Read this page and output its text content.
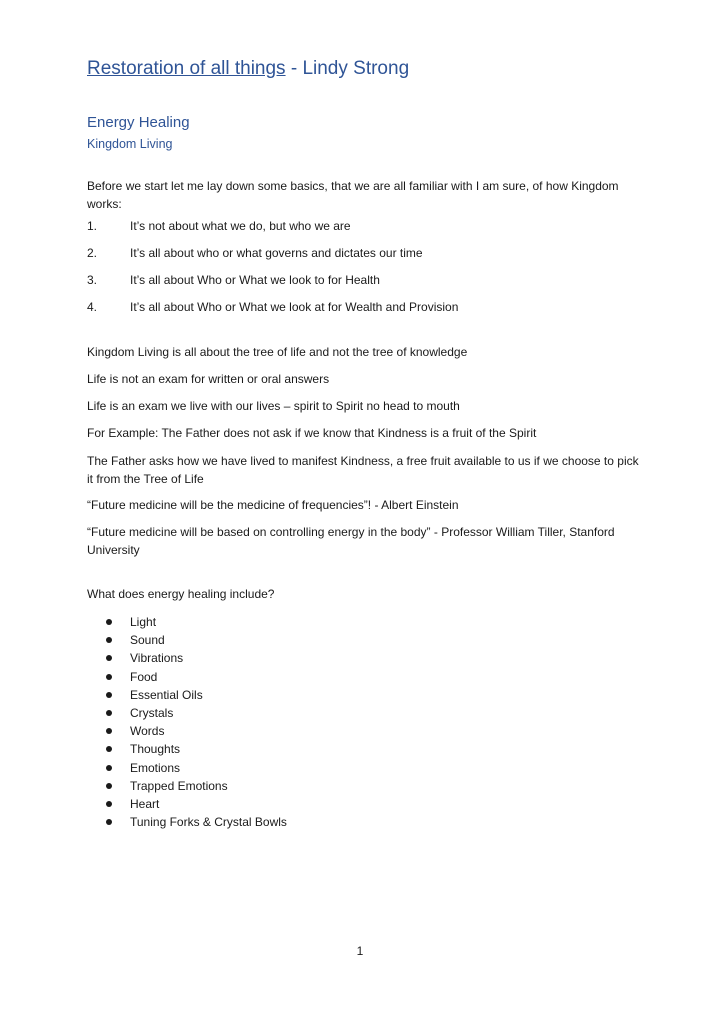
Restoration of all things - Lindy Strong
Energy Healing
Kingdom Living
Before we start let me lay down some basics, that we are all familiar with I am sure, of how Kingdom works:
1.	It’s not about what we do, but who we are
2.	It’s all about who or what governs and dictates our time
3.	It’s all about Who or What we look to for Health
4.	It’s all about Who or What we look at for Wealth and Provision
Kingdom Living is all about the tree of life and not the tree of knowledge
Life is not an exam for written or oral answers
Life is an exam we live with our lives – spirit to Spirit no head to mouth
For Example: The Father does not ask if we know that Kindness is a fruit of the Spirit
The Father asks how we have lived to manifest Kindness, a free fruit available to us if we choose to pick it from the Tree of Life
“Future medicine will be the medicine of frequencies”! - Albert Einstein
“Future medicine will be based on controlling energy in the body” - Professor William Tiller, Stanford University
What does energy healing include?
Light
Sound
Vibrations
Food
Essential Oils
Crystals
Words
Thoughts
Emotions
Trapped Emotions
Heart
Tuning Forks & Crystal Bowls
1
